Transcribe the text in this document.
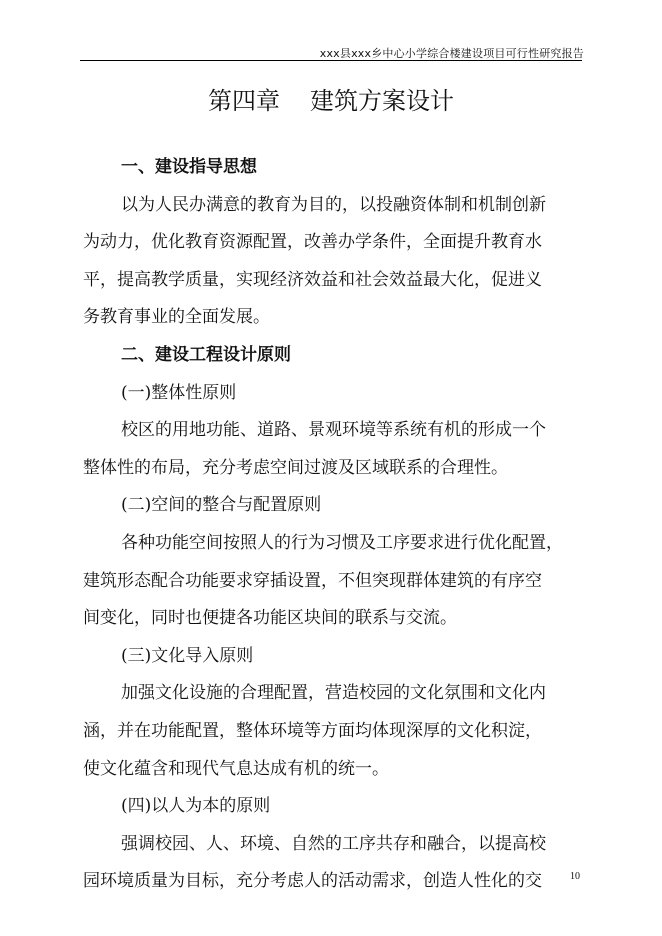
xxx县xxx乡中心小学综合楼建设项目可行性研究报告
第四章 建筑方案设计
一、建设指导思想
以为人民办满意的教育为目的，以投融资体制和机制创新
为动力，优化教育资源配置，改善办学条件，全面提升教育水
平，提高教学质量，实现经济效益和社会效益最大化，促进义
务教育事业的全面发展。
二、建设工程设计原则
(一)整体性原则
校区的用地功能、道路、景观环境等系统有机的形成一个
整体性的布局，充分考虑空间过渡及区域联系的合理性。
(二)空间的整合与配置原则
各种功能空间按照人的行为习惯及工序要求进行优化配置，
建筑形态配合功能要求穿插设置，不但突现群体建筑的有序空
间变化，同时也便捷各功能区块间的联系与交流。
(三)文化导入原则
加强文化设施的合理配置，营造校园的文化氛围和文化内
涵，并在功能配置，整体环境等方面均体现深厚的文化积淀，
使文化蕴含和现代气息达成有机的统一。
(四)以人为本的原则
强调校园、人、环境、自然的工序共存和融合，以提高校
园环境质量为目标，充分考虑人的活动需求，创造人性化的交	10
